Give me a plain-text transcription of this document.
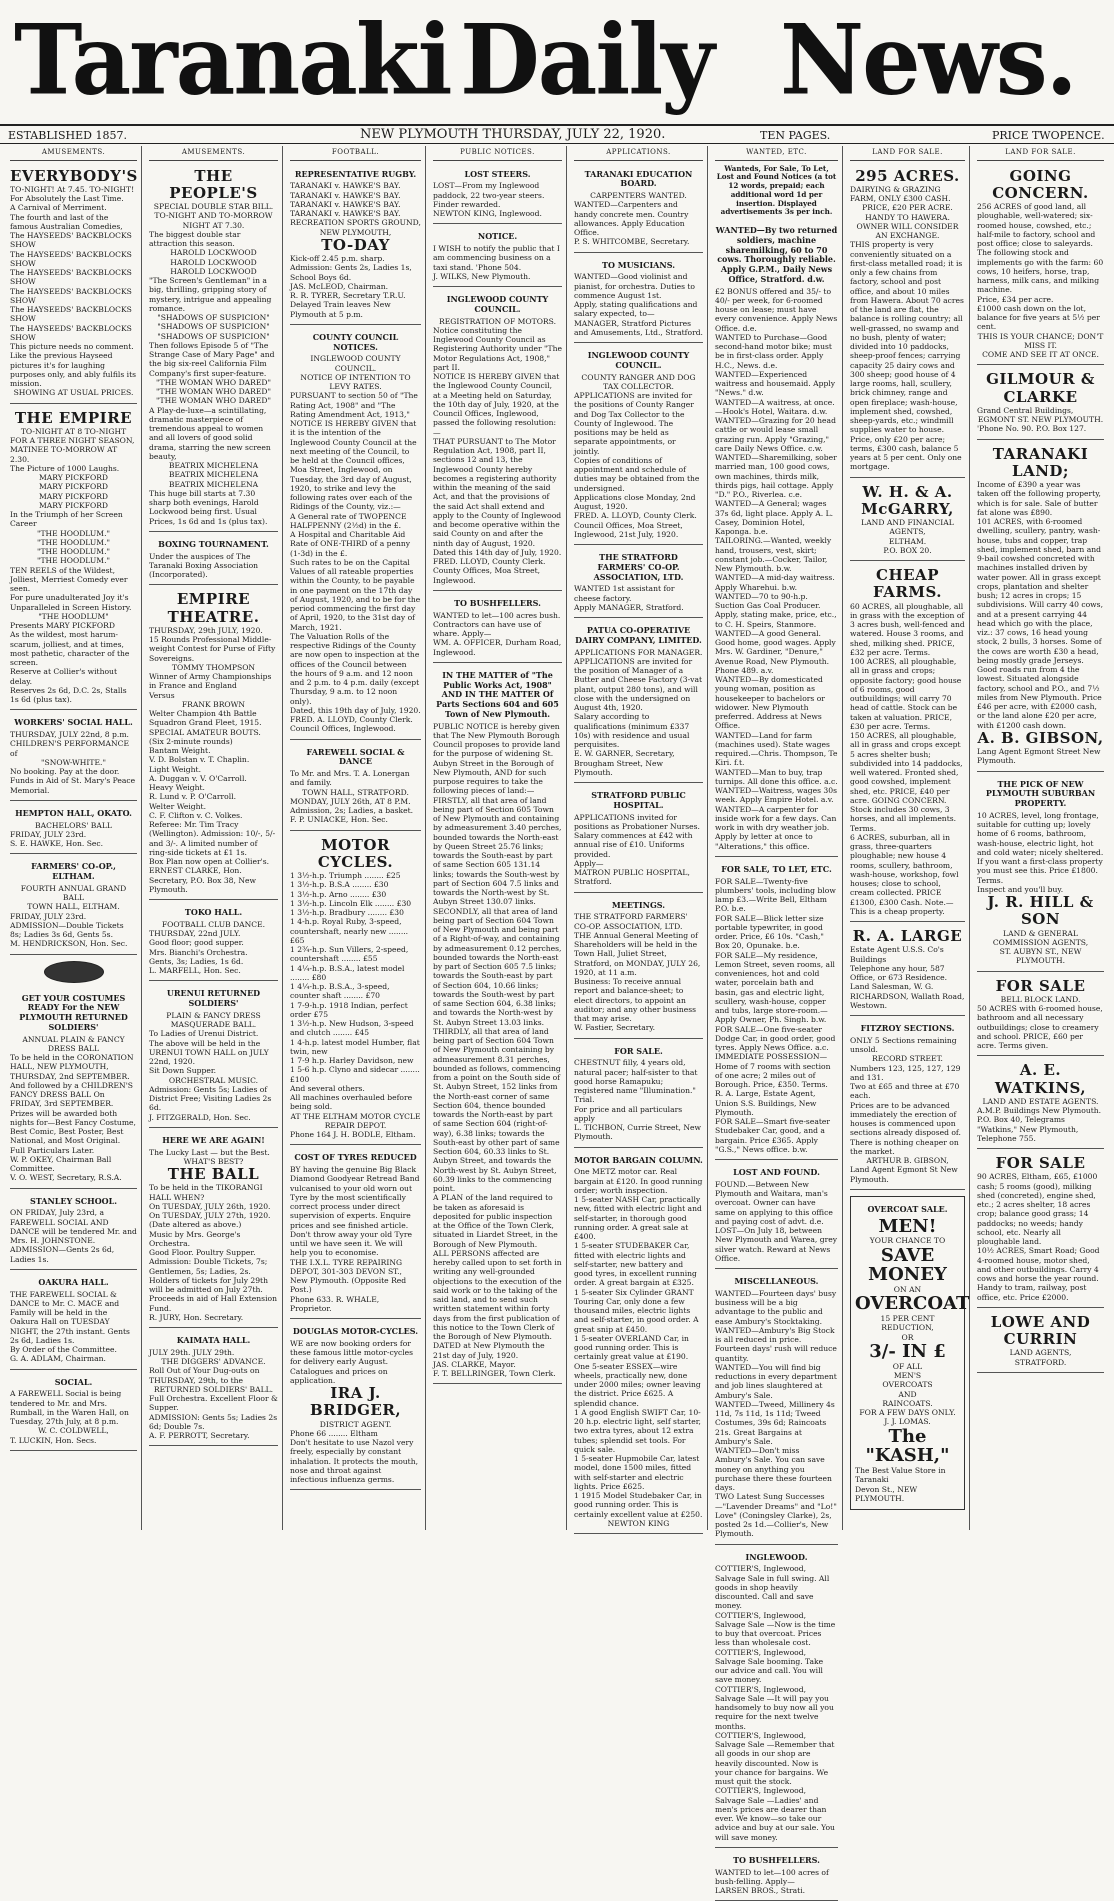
Taranaki Daily News.
ESTABLISHED 1857.	NEW PLYMOUTH THURSDAY, JULY 22, 1920.	TEN PAGES.	PRICE TWOPENCE.
AMUSEMENTS.
EVERYBODY'S
TO-NIGHT! At 7.45. TO-NIGHT!
For Absolutely the Last Time.
A Carnival of Merriment.
The fourth and last of the famous Australian Comedies,
The HAYSEEDS' BACKBLOCKS SHOW
The HAYSEEDS' BACKBLOCKS SHOW
The HAYSEEDS' BACKBLOCKS SHOW
The HAYSEEDS' BACKBLOCKS SHOW
The HAYSEEDS' BACKBLOCKS SHOW
The HAYSEEDS' BACKBLOCKS SHOW
This picture needs no comment. Like the previous Hayseed pictures it's for laughing purposes only, and ably fulfils its mission.
SHOWING AT USUAL PRICES.
THE EMPIRE
TO-NIGHT AT 8 TO-NIGHT
FOR A THREE NIGHT SEASON, MATINEE TO-MORROW AT 2.30.
The Picture of 1000 Laughs.
MARY PICKFORD
MARY PICKFORD
MARY PICKFORD
MARY PICKFORD
In the Triumph of her Screen Career
"THE HOODLUM."
"THE HOODLUM."
"THE HOODLUM."
"THE HOODLUM."
TEN REELS of the Wildest, Jolliest, Merriest Comedy ever seen.
For pure unadulterated Joy it's Unparalleled in Screen History.
"THE HOODLUM"
Presents MARY PICKFORD
As the wildest, most harum-scarum, jolliest, and at times, most pathetic, character of the screen.
Reserve at Collier's without delay.
Reserves 2s 6d, D.C. 2s, Stalls 1s 6d (plus tax).
WORKERS' SOCIAL HALL.
THURSDAY, JULY 22nd, 8 p.m.
CHILDREN'S PERFORMANCE of
"SNOW-WHITE."
No booking. Pay at the door.
Funds in Aid of St. Mary's Peace Memorial.
HEMPTON HALL, OKATO.
BACHELORS' BALL
FRIDAY, JULY 23rd.
S. E. HAWKE, Hon. Sec.
FARMERS' CO-OP., ELTHAM.
FOURTH ANNUAL GRAND BALL
TOWN HALL, ELTHAM.
FRIDAY, JULY 23rd.
ADMISSION—Double Tickets 8s; Ladies 3s 6d, Gents 5s.
M. HENDRICKSON, Hon. Sec.
GET YOUR COSTUMES READY For the NEW PLYMOUTH RETURNED SOLDIERS'
ANNUAL PLAIN & FANCY DRESS BALL
To be held in the CORONATION HALL, NEW PLYMOUTH, THURSDAY, 2nd SEPTEMBER.
And followed by a CHILDREN'S FANCY DRESS BALL On FRIDAY, 3rd SEPTEMBER.
Prizes will be awarded both nights for—Best Fancy Costume, Best Comic, Best Poster, Best National, and Most Original.
Full Particulars Later.
W. P. OKEY, Chairman Ball Committee.
V. O. WEST, Secretary, R.S.A.
STANLEY SCHOOL.
ON FRIDAY, July 23rd, a FAREWELL SOCIAL AND DANCE will be tendered Mr. and Mrs. H. JOHNSTONE.
ADMISSION—Gents 2s 6d, Ladies 1s.
OAKURA HALL.
THE FAREWELL SOCIAL & DANCE to Mr. C. MACE and Family will be held in the Oakura Hall on TUESDAY NIGHT, the 27th instant. Gents 2s 6d, Ladies 1s.
By Order of the Committee.
G. A. ADLAM, Chairman.
SOCIAL.
A FAREWELL Social is being tendered to Mr. and Mrs. Rumball, in the Waren Hall, on Tuesday, 27th July, at 8 p.m.
W. C. COLDWELL,
T. LUCKIN, Hon. Secs.
AMUSEMENTS.
THE PEOPLE'S
SPECIAL DOUBLE STAR BILL.
TO-NIGHT AND TO-MORROW NIGHT AT 7.30.
The biggest double star attraction this season.
HAROLD LOCKWOOD
HAROLD LOCKWOOD
HAROLD LOCKWOOD
"The Screen's Gentleman" in a big, thrilling, gripping story of mystery, intrigue and appealing romance.
"SHADOWS OF SUSPICION"
"SHADOWS OF SUSPICION"
"SHADOWS OF SUSPICION"
Then follows Episode 5 of "The Strange Case of Mary Page" and the big six-reel California Film Company's first super-feature.
"THE WOMAN WHO DARED"
"THE WOMAN WHO DARED"
"THE WOMAN WHO DARED"
A Play-de-luxe—a scintillating, dramatic masterpiece of tremendous appeal to women and all lovers of good solid drama, starring the new screen beauty,
BEATRIX MICHELENA
BEATRIX MICHELENA
BEATRIX MICHELENA
This huge bill starts at 7.30 sharp both evenings, Harold Lockwood being first. Usual Prices, 1s 6d and 1s (plus tax).
BOXING TOURNAMENT.
Under the auspices of The Taranaki Boxing Association (Incorporated).
EMPIRE THEATRE.
THURSDAY, 29th JULY, 1920.
15 Rounds Professional Middle-weight Contest for Purse of Fifty Sovereigns.
TOMMY THOMPSON
Winner of Army Championships in France and England
Versus
FRANK BROWN
Welter Champion 4th Battle Squadron Grand Fleet, 1915.
SPECIAL AMATEUR BOUTS. (Six 2-minute rounds)
Bantam Weight.
V. D. Bolstan v. T. Chaplin.
Light Weight.
A. Duggan v. V. O'Carroll.
Heavy Weight.
R. Lund v. P. O'Carroll.
Welter Weight.
C. F. Clifton v. C. Volkes.
Referee: Mr. Tim Tracy (Wellington). Admission: 10/-, 5/- and 3/-. A limited number of ring-side tickets at £1 1s.
Box Plan now open at Collier's.
ERNEST CLARKE, Hon. Secretary, P.O. Box 38, New Plymouth.
TOKO HALL.
FOOTBALL CLUB DANCE.
THURSDAY, 22nd JULY.
Good floor; good supper.
Mrs. Bianchi's Orchestra.
Gents, 3s; Ladies, 1s 6d.
L. MARFELL, Hon. Sec.
URENUI RETURNED SOLDIERS'
PLAIN & FANCY DRESS MASQUERADE BALL.
To Ladies of Urenui District.
The above will be held in the URENUI TOWN HALL on JULY 22nd, 1920.
Sit Down Supper.
ORCHESTRAL MUSIC.
Admission: Gents 5s; Ladies of District Free; Visiting Ladies 2s 6d.
J. FITZGERALD, Hon. Sec.
HERE WE ARE AGAIN!
The Lucky Last — but the Best.
WHAT'S BEST?
THE BALL
To be held in the TIKORANGI HALL WHEN?
On TUESDAY, JULY 26th, 1920.
On TUESDAY, JULY 27th, 1920. (Date altered as above.)
Music by Mrs. George's Orchestra.
Good Floor. Poultry Supper.
Admission: Double Tickets, 7s; Gentlemen, 5s; Ladies, 2s.
Holders of tickets for July 29th will be admitted on July 27th.
Proceeds in aid of Hall Extension Fund.
R. JURY, Hon. Secretary.
KAIMATA HALL.
JULY 29th. JULY 29th.
THE DIGGERS' ADVANCE.
Roll Out of Your Dug-outs on THURSDAY, 29th, to the
RETURNED SOLDIERS' BALL.
Full Orchestra. Excellent Floor & Supper.
ADMISSION: Gents 5s; Ladies 2s 6d; Double 7s.
A. F. PERROTT, Secretary.
FOOTBALL.
REPRESENTATIVE RUGBY.
TARANAKI v. HAWKE'S BAY.
TARANAKI v. HAWKE'S BAY.
TARANAKI v. HAWKE'S BAY.
TARANAKI v. HAWKE'S BAY.
RECREATION SPORTS GROUND, NEW PLYMOUTH,
TO-DAY
Kick-off 2.45 p.m. sharp.
Admission: Gents 2s, Ladies 1s, School Boys 6d.
JAS. McLEOD, Chairman.
R. R. TYRER, Secretary T.R.U.
Delayed Train leaves New Plymouth at 5 p.m.
COUNTY COUNCIL NOTICES.
INGLEWOOD COUNTY COUNCIL.
NOTICE OF INTENTION TO LEVY RATES.
PURSUANT to section 50 of "The Rating Act, 1908" and "The Rating Amendment Act, 1913," NOTICE IS HEREBY GIVEN that it is the intention of the Inglewood County Council at the next meeting of the Council, to be held at the Council offices, Moa Street, Inglewood, on Tuesday, the 3rd day of August, 1920, to strike and levy the following rates over each of the Ridings of the County, viz.:—
A General rate of TWOPENCE HALFPENNY (2½d) in the £.
A Hospital and Charitable Aid Rate of ONE-THIRD of a penny (1-3d) in the £.
Such rates to be on the Capital Values of all rateable properties within the County, to be payable in one payment on the 17th day of August, 1920, and to be for the period commencing the first day of April, 1920, to the 31st day of March, 1921.
The Valuation Rolls of the respective Ridings of the County are now open to inspection at the offices of the Council between the hours of 9 a.m. and 12 noon and 2 p.m. to 4 p.m. daily (except Thursday, 9 a.m. to 12 noon only).
Dated, this 19th day of July, 1920.
FRED. A. LLOYD, County Clerk.
Council Offices, Inglewood.
FAREWELL SOCIAL & DANCE
To Mr. and Mrs. T. A. Lonergan and family.
TOWN HALL, STRATFORD.
MONDAY, JULY 26th, AT 8 P.M.
Admission, 2s; Ladies, a basket.
F. P. UNIACKE, Hon. Sec.
MOTOR CYCLES.
1 3½-h.p. Triumph ........ £25
1 3½-h.p. B.S.A ........ £30
1 3½-h.p. Arno ........ £30
1 3½-h.p. Lincoln Elk ........ £30
1 3½-h.p. Bradbury ........ £30
1 4-h.p. Royal Ruby, 3-speed, countershaft, nearly new ........ £65
1 2¾-h.p. Sun Villers, 2-speed, countershaft ........ £55
1 4¼-h.p. B.S.A., latest model ........ £80
1 4¼-h.p. B.S.A., 3-speed, counter shaft ........ £70
1 7-9-h.p. 1918 Indian, perfect order £75
1 3½-h.p. New Hudson, 3-speed and clutch ........ £45
1 4-h.p. latest model Humber, flat twin, new
1 7-9 h.p. Harley Davidson, new
1 5-6 h.p. Clyno and sidecar ........ £100
And several others.
All machines overhauled before being sold.
AT THE ELTHAM MOTOR CYCLE REPAIR DEPOT.
Phone 164 J. H. BODLE, Eltham.
COST OF TYRES REDUCED
BY having the genuine Big Black Diamond Goodyear Retread Band vulcanised to your old worn out Tyre by the most scientifically correct process under direct supervision of experts. Enquire prices and see finished article.
Don't throw away your old Tyre until we have seen it. We will help you to economise.
THE I.X.L. TYRE REPAIRING DEPOT, 301-303 DEVON ST., New Plymouth. (Opposite Red Post.)
Phone 633. R. WHALE, Proprietor.
DOUGLAS MOTOR-CYCLES.
WE are now booking orders for these famous little motor-cycles for delivery early August.
Catalogues and prices on application.
IRA J. BRIDGER,
DISTRICT AGENT.
Phone 66 ........ Eltham
Don't hesitate to use Nazol very freely, especially by constant inhalation. It protects the mouth, nose and throat against infectious influenza germs.
PUBLIC NOTICES.
LOST STEERS.
LOST—From my Inglewood paddock, 22 two-year steers. Finder rewarded.
NEWTON KING, Inglewood.
NOTICE.
I WISH to notify the public that I am commencing business on a taxi stand. 'Phone 504.
J. WILKS, New Plymouth.
INGLEWOOD COUNTY COUNCIL.
REGISTRATION OF MOTORS.
Notice constituting the Inglewood County Council as Registering Authority under "The Motor Regulations Act, 1908," part II.
NOTICE IS HEREBY GIVEN that the Inglewood County Council, at a Meeting held on Saturday, the 10th day of July, 1920, at the Council Offices, Inglewood, passed the following resolution:—
THAT PURSUANT to The Motor Regulation Act, 1908, part II, sections 12 and 13, the Inglewood County hereby becomes a registering authority within the meaning of the said Act, and that the provisions of the said Act shall extend and apply to the County of Inglewood and become operative within the said County on and after the ninth day of August, 1920.
Dated this 14th day of July, 1920.
FRED. LLOYD, County Clerk.
County Offices, Moa Street, Inglewood.
TO BUSHFELLERS.
WANTED to let—100 acres bush. Contractors can have use of whare. Apply—
WM. A. OFFICER, Durham Road, Inglewood.
IN THE MATTER of "The Public Works Act, 1908" AND IN THE MATTER Of Parts Sections 604 and 605 Town of New Plymouth.
PUBLIC NOTICE is hereby given that The New Plymouth Borough Council proposes to provide land for the purpose of widening St. Aubyn Street in the Borough of New Plymouth, AND for such purpose requires to take the following pieces of land:—
FIRSTLY, all that area of land being part of Section 605 Town of New Plymouth and containing by admeasurement 3.40 perches, bounded towards the North-east by Queen Street 25.76 links; towards the South-east by part of same Section 605 131.14 links; towards the South-west by part of Section 604 7.5 links and towards the North-west by St. Aubyn Street 130.07 links.
SECONDLY, all that area of land being part of Section 604 Town of New Plymouth and being part of a Right-of-way, and containing by admeasurement 0.12 perches, bounded towards the North-east by part of Section 605 7.5 links; towards the South-east by part of Section 604, 10.66 links; towards the South-west by part of same Section 604, 6.38 links; and towards the North-west by St. Aubyn Street 13.03 links.
THIRDLY, all that area of land being part of Section 604 Town of New Plymouth containing by admeasurement 8.31 perches, bounded as follows, commencing from a point on the South side of St. Aubyn Street, 152 links from the North-east corner of same Section 604, thence bounded towards the North-east by part of same Section 604 (right-of-way), 6.38 links; towards the South-east by other part of same Section 604, 60.33 links to St. Aubyn Street, and towards the North-west by St. Aubyn Street, 60.39 links to the commencing point.
A PLAN of the land required to be taken as aforesaid is deposited for public inspection at the Office of the Town Clerk, situated in Liardet Street, in the Borough of New Plymouth.
ALL PERSONS affected are hereby called upon to set forth in writing any well-grounded objections to the execution of the said work or to the taking of the said land, and to send such written statement within forty days from the first publication of this notice to the Town Clerk of the Borough of New Plymouth.
DATED at New Plymouth the 21st day of July, 1920.
JAS. CLARKE, Mayor.
F. T. BELLRINGER, Town Clerk.
APPLICATIONS.
TARANAKI EDUCATION BOARD.
CARPENTERS WANTED.
WANTED—Carpenters and handy concrete men. Country allowances. Apply Education Office.
P. S. WHITCOMBE, Secretary.
TO MUSICIANS.
WANTED—Good violinist and pianist, for orchestra. Duties to commence August 1st.
Apply, stating qualifications and salary expected, to—
MANAGER, Stratford Pictures and Amusements, Ltd., Stratford.
INGLEWOOD COUNTY COUNCIL.
COUNTY RANGER AND DOG TAX COLLECTOR.
APPLICATIONS are invited for the positions of County Ranger and Dog Tax Collector to the County of Inglewood. The positions may be held as separate appointments, or jointly.
Copies of conditions of appointment and schedule of duties may be obtained from the undersigned.
Applications close Monday, 2nd August, 1920.
FRED. A. LLOYD, County Clerk.
Council Offices, Moa Street, Inglewood, 21st July, 1920.
THE STRATFORD FARMERS' CO-OP. ASSOCIATION, LTD.
WANTED 1st assistant for cheese factory.
Apply MANAGER, Stratford.
PATUA CO-OPERATIVE DAIRY COMPANY, LIMITED.
APPLICATIONS FOR MANAGER.
APPLICATIONS are invited for the position of Manager of a Butter and Cheese Factory (3-vat plant, output 280 tons), and will close with the undersigned on August 4th, 1920.
Salary according to qualifications (minimum £337 10s) with residence and usual perquisites.
E. W. GARNER, Secretary, Brougham Street, New Plymouth.
STRATFORD PUBLIC HOSPITAL.
APPLICATIONS invited for positions as Probationer Nurses. Salary commences at £42 with annual rise of £10. Uniforms provided.
Apply—
MATRON PUBLIC HOSPITAL, Stratford.
MEETINGS.
THE STRATFORD FARMERS' CO-OP. ASSOCIATION, LTD.
THE Annual General Meeting of Shareholders will be held in the Town Hall, Juliet Street, Stratford, on MONDAY, JULY 26, 1920, at 11 a.m.
Business: To receive annual report and balance-sheet; to elect directors, to appoint an auditor; and any other business that may arise.
W. Fastier, Secretary.
FOR SALE.
CHESTNUT filly, 4 years old, natural pacer; half-sister to that good horse Ramapuku; registered name "Illumination." Trial.
For price and all particulars apply
L. TICHBON, Currie Street, New Plymouth.
MOTOR BARGAIN COLUMN.
One METZ motor car. Real bargain at £120. In good running order; worth inspection.
1 5-seater NASH Car, practically new, fitted with electric light and self-starter, in thorough good running order. A great sale at £400.
1 5-seater STUDEBAKER Car, fitted with electric lights and self-starter, new battery and good tyres, in excellent running order. A great bargain at £325.
1 5-seater Six Cylinder GRANT Touring Car, only done a few thousand miles, electric lights and self-starter, in good order. A great snip at £450.
1 5-seater OVERLAND Car, in good running order. This is certainly great value at £190.
One 5-seater ESSEX—wire wheels, practically new, done under 2000 miles; owner leaving the district. Price £625. A splendid chance.
1 A good English SWIFT Car, 10-20 h.p. electric light, self starter, two extra tyres, about 12 extra tubes; splendid set tools. For quick sale.
1 5-seater Hupmobile Car, latest model, done 1500 miles, fitted with self-starter and electric lights. Price £625.
1 1915 Model Studebaker Car, in good running order. This is certainly excellent value at £250.
NEWTON KING
WANTED, ETC.
Wanteds, For Sale, To Let, Lost and Found Notices (a tot 12 words, prepaid; each additional word 1d per insertion. Displayed advertisements 3s per inch.
WANTED—By two returned soldiers, machine sharemilking, 60 to 70 cows. Thoroughly reliable. Apply G.P.M., Daily News Office, Stratford. d.w.
£2 BONUS offered and 35/- to 40/- per week, for 6-roomed house on lease; must have every convenience. Apply News Office. d.e.
WANTED to Purchase—Good second-hand motor bike; must be in first-class order. Apply H.C., News. d.e.
WANTED—Experienced waitress and housemaid. Apply "News." d.w.
WANTED—A waitress, at once.—Hook's Hotel, Waitara. d.w.
WANTED—Grazing for 20 head cattle or would lease small grazing run. Apply "Grazing," care Daily News Office. c.w.
WANTED—Sharemilking, sober married man, 100 good cows, own machines, thirds milk, thirds pigs, hail cottage. Apply "D." P.O., Riverlea. c.e.
WANTED—A General; wages 37s 6d, light place. Apply A. L. Casey, Dominion Hotel, Kaponga. b.e.
TAILORING.—Wanted, weekly hand, trousers, vest, skirt; constant job.—Cocker, Tailor, New Plymouth. b.w.
WANTED—A mid-day waitress. Apply Wharehui. b.w.
WANTED—70 to 90-h.p. Suction Gas Coal Producer. Apply, stating make, price, etc., to C. H. Speirs, Stanmore.
WANTED—A good General. Good home, good wages. Apply Mrs. W. Gardiner, "Denure," Avenue Road, New Plymouth. Phone 489. a.v.
WANTED—By domesticated young woman, position as housekeeper to bachelors or widower. New Plymouth preferred. Address at News Office.
WANTED—Land for farm (machines used). State wages required.—Chris. Thompson, Te Kiri. f.t.
WANTED—Man to buy, trap turnips. All done this office. a.c.
WANTED—Waitress, wages 30s week. Apply Empire Hotel. a.v.
WANTED—A carpenter for inside work for a few days. Can work in with dry weather job. Apply by letter at once to "Alterations," this office.
FOR SALE, TO LET, ETC.
FOR SALE—Twenty-five plumbers' tools, including blow lamp £3.—Write Bell, Eltham P.O. b.e.
FOR SALE—Blick letter size portable typewriter, in good order. Price, £6 10s. "Cash," Box 20, Opunake. b.e.
FOR SALE—My residence, Lemon Street, seven rooms, all conveniences, hot and cold water, porcelain bath and basin, gas and electric light, scullery, wash-house, copper and tubs, large store-room.—Apply Owner, Ph. Singh. b.w.
FOR SALE—One five-seater Dodge Car, in good order, good tyres. Apply News Office. a.c.
IMMEDIATE POSSESSION—Home of 7 rooms with section of one acre; 2 miles out of Borough. Price, £350. Terms. R. A. Large, Estate Agent, Union S.S. Buildings, New Plymouth.
FOR SALE—Smart five-seater Studebaker Car, good, and a bargain. Price £365. Apply "G.S.," News office. b.w.
LOST AND FOUND.
FOUND.—Between New Plymouth and Waitara, man's overcoat. Owner can have same on applying to this office and paying cost of advt. d.e.
LOST—On July 18, between New Plymouth and Warea, grey silver watch. Reward at News Office.
MISCELLANEOUS.
WANTED—Fourteen days' busy business will be a big advantage to the public and ease Ambury's Stocktaking.
WANTED—Ambury's Big Stock is all reduced in price. Fourteen days' rush will reduce quantity.
WANTED—You will find big reductions in every department and job lines slaughtered at Ambury's Sale.
WANTED—Tweed, Millinery 4s 11d, 7s 11d, 1s 11d; Tweed Costumes, 39s 6d; Raincoats 21s. Great Bargains at Ambury's Sale.
WANTED—Don't miss Ambury's Sale. You can save money on anything you purchase there these fourteen days.
TWO Latest Sung Successes—"Lavender Dreams" and "Lo!" Love" (Coningsley Clarke), 2s, posted 2s 1d.—Collier's, New Plymouth.
INGLEWOOD.
COTTIER'S, Inglewood, Salvage Sale in full swing. All goods in shop heavily discounted. Call and save money.
COTTIER'S, Inglewood, Salvage Sale —Now is the time to buy that overcoat. Prices less than wholesale cost.
COTTIER'S, Inglewood, Salvage Sale booming. Take our advice and call. You will save money.
COTTIER'S, Inglewood, Salvage Sale —It will pay you handsomely to buy now all you require for the next twelve months.
COTTIER'S, Inglewood, Salvage Sale —Remember that all goods in our shop are heavily discounted. Now is your chance for bargains. We must quit the stock.
COTTIER'S, Inglewood, Salvage Sale —Ladies' and men's prices are dearer than ever. We know—so take our advice and buy at our sale. You will save money.
TO BUSHFELLERS.
WANTED to let—100 acres of bush-felling. Apply—
LARSEN BROS., Strati.
LAND FOR SALE.
295 ACRES.
DAIRYING & GRAZING FARM, ONLY £300 CASH.
PRICE, £20 PER ACRE.
HANDY TO HAWERA.
OWNER WILL CONSIDER AN EXCHANGE.
THIS property is very conveniently situated on a first-class metalled road; it is only a few chains from factory, school and post office, and about 10 miles from Hawera. About 70 acres of the land are flat, the balance is rolling country; all well-grassed, no swamp and no bush, plenty of water; divided into 10 paddocks, sheep-proof fences; carrying capacity 25 dairy cows and 300 sheep; good house of 4 large rooms, hall, scullery, brick chimney, range and open fireplace; wash-house, implement shed, cowshed, sheep-yards, etc.; windmill supplies water to house. Price, only £20 per acre; terms, £300 cash, balance 5 years at 5 per cent. Only one mortgage.
W. H. & A. McGARRY,
LAND AND FINANCIAL AGENTS,
ELTHAM.
P.O. BOX 20.
CHEAP FARMS.
60 ACRES, all ploughable, all in grass with the exception of 3 acres bush, well-fenced and watered. House 3 rooms, and shed, milking shed. PRICE, £32 per acre. Terms.
100 ACRES, all ploughable, all in grass and crops; opposite factory; good house of 6 rooms, good outbuildings; will carry 70 head of cattle. Stock can be taken at valuation. PRICE, £30 per acre. Terms.
150 ACRES, all ploughable, all in grass and crops except 5 acres shelter bush; subdivided into 14 paddocks, well watered. Fronted shed, good cowshed, implement shed, etc. PRICE, £40 per acre. GOING CONCERN. Stock includes 30 cows, 3 horses, and all implements. Terms.
6 ACRES, suburban, all in grass, three-quarters ploughable; new house 4 rooms, scullery, bathroom, wash-house, workshop, fowl houses; close to school, cream collected. PRICE £1300, £300 Cash. Note.—This is a cheap property.
R. A. LARGE
Estate Agent U.S.S. Co's Buildings
Telephone any hour, 587 Office, or 673 Residence.
Land Salesman, W. G. RICHARDSON, Wallath Road, Westown.
FITZROY SECTIONS.
ONLY 5 Sections remaining unsold.
RECORD STREET.
Numbers 123, 125, 127, 129 and 131.
Two at £65 and three at £70 each.
Prices are to be advanced immediately the erection of houses is commenced upon sections already disposed of.
There is nothing cheaper on the market.
ARTHUR B. GIBSON,
Land Agent Egmont St New Plymouth.
OVERCOAT SALE.
MEN!
YOUR CHANCE TO
SAVE MONEY
ON AN
OVERCOAT
15 PER CENT
REDUCTION,
OR
3/- IN £
OF ALL
MEN'S
OVERCOATS
AND
RAINCOATS.
FOR A FEW DAYS ONLY.
J. J. LOMAS.
The "KASH,"
The Best Value Store in Taranaki
Devon St., NEW PLYMOUTH.
LAND FOR SALE.
GOING CONCERN.
256 ACRES of good land, all ploughable, well-watered; six-roomed house, cowshed, etc.; half-mile to factory, school and post office; close to saleyards. The following stock and implements go with the farm: 60 cows, 10 heifers, horse, trap, harness, milk cans, and milking machine.
Price, £34 per acre.
£1000 cash down on the lot, balance for five years at 5½ per cent.
THIS IS YOUR CHANCE; DON'T MISS IT.
COME AND SEE IT AT ONCE.
GILMOUR & CLARKE
Grand Central Buildings,
EGMONT ST. NEW PLYMOUTH.
'Phone No. 90. P.O. Box 127.
TARANAKI LAND;
Income of £390 a year was taken off the following property, which is for sale. Sale of butter fat alone was £890.
101 ACRES, with 6-roomed dwelling, scullery, pantry, wash-house, tubs and copper, trap shed, implement shed, barn and 9-bail cowshed concreted with machines installed driven by water power. All in grass except crops, plantation and shelter bush; 12 acres in crops; 15 subdivisions. Will carry 40 cows, and at a present carrying 44 head which go with the place, viz.: 37 cows, 16 head young stock, 2 bulls, 3 horses. Some of the cows are worth £30 a head, being mostly grade Jerseys. Good roads run from 4 the lowest. Situated alongside factory, school and P.O., and 7½ miles from New Plymouth. Price £46 per acre, with £2000 cash, or the land alone £20 per acre, with £1200 cash down.
A. B. GIBSON,
Lang Agent Egmont Street New Plymouth.
THE PICK OF NEW PLYMOUTH SUBURBAN PROPERTY.
10 ACRES, level, long frontage, suitable for cutting up; lovely home of 6 rooms, bathroom, wash-house, electric light, hot and cold water; nicely sheltered. If you want a first-class property you must see this. Price £1800. Terms.
Inspect and you'll buy.
J. R. HILL & SON
LAND & GENERAL COMMISSION AGENTS,
ST. AUBYN ST., NEW PLYMOUTH.
FOR SALE
BELL BLOCK LAND.
50 ACRES with 6-roomed house, bathroom and all necessary outbuildings; close to creamery and school. PRICE, £60 per acre. Terms given.
A. E. WATKINS,
LAND AND ESTATE AGENTS.
A.M.P. Buildings New Plymouth.
P.O. Box 40, Telegrams "Watkins," New Plymouth, Telephone 755.
FOR SALE
90 ACRES, Eltham, £65, £1000 cash; 5 rooms (good), milking shed (concreted), engine shed, etc.; 2 acres shelter, 18 acres crop; balance good grass; 14 paddocks; no weeds; handy school, etc. Nearly all ploughable land.
10½ ACRES, Smart Road; Good 4-roomed house, motor shed, and other outbuildings. Carry 4 cows and horse the year round. Handy to tram, railway, post office, etc. Price £2000.
LOWE AND CURRIN
LAND AGENTS,
STRATFORD.
